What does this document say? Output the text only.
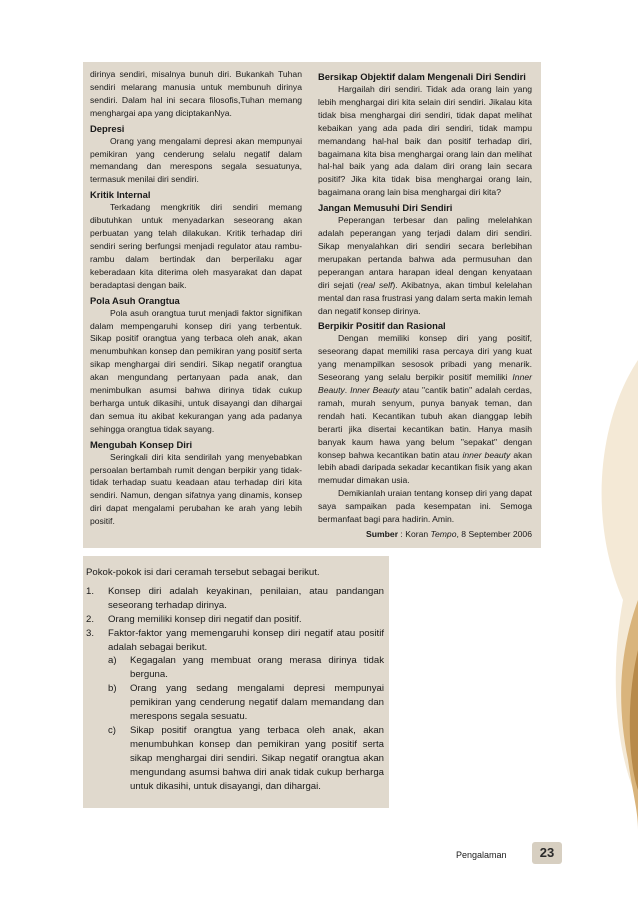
dirinya sendiri, misalnya bunuh diri. Bukankah Tuhan sendiri melarang manusia untuk membunuh dirinya sendiri. Dalam hal ini secara filosofis,Tuhan memang menghargai apa yang diciptakanNya.

Depresi

Orang yang mengalami depresi akan mempunyai pemikiran yang cenderung selalu negatif dalam memandang dan merespons segala sesuatunya, termasuk menilai diri sendiri.

Kritik Internal

Terkadang mengkritik diri sendiri memang dibutuhkan untuk menyadarkan seseorang akan perbuatan yang telah dilakukan. Kritik terhadap diri sendiri sering berfungsi menjadi regulator atau rambu-rambu dalam bertindak dan berperilaku agar keberadaan kita diterima oleh masyarakat dan dapat beradaptasi dengan baik.

Pola Asuh Orangtua

Pola asuh orangtua turut menjadi faktor signifikan dalam mempengaruhi konsep diri yang terbentuk. Sikap positif orangtua yang terbaca oleh anak, akan menumbuhkan konsep dan pemikiran yang positif serta sikap menghargai diri sendiri. Sikap negatif orangtua akan mengundang pertanyaan pada anak, dan menimbulkan asumsi bahwa dirinya tidak cukup berharga untuk dikasihi, untuk disayangi dan dihargai dan semua itu akibat kekurangan yang ada padanya sehingga orangtua tidak sayang.

Mengubah Konsep Diri

Seringkali diri kita sendirilah yang menyebabkan persoalan bertambah rumit dengan berpikir yang tidak-tidak terhadap suatu keadaan atau terhadap diri kita sendiri. Namun, dengan sifatnya yang dinamis, konsep diri dapat mengalami perubahan ke arah yang lebih positif.

Bersikap Objektif dalam Mengenali Diri Sendiri

Hargailah diri sendiri. Tidak ada orang lain yang lebih menghargai diri kita selain diri sendiri. Jikalau kita tidak bisa menghargai diri sendiri, tidak dapat melihat kebaikan yang ada pada diri sendiri, tidak mampu memandang hal-hal baik dan positif terhadap diri, bagaimana kita bisa menghargai orang lain dan melihat hal-hal baik yang ada dalam diri orang lain secara positif? Jika kita tidak bisa menghargai orang lain, bagaimana orang lain bisa menghargai diri kita?

Jangan Memusuhi Diri Sendiri

Peperangan terbesar dan paling melelahkan adalah peperangan yang terjadi dalam diri sendiri. Sikap menyalahkan diri sendiri secara berlebihan merupakan pertanda bahwa ada permusuhan dan peperangan antara harapan ideal dengan kenyataan diri sejati (real self). Akibatnya, akan timbul kelelahan mental dan rasa frustrasi yang dalam serta makin lemah dan negatif konsep dirinya.

Berpikir Positif dan Rasional

Dengan memiliki konsep diri yang positif, seseorang dapat memiliki rasa percaya diri yang kuat yang menampilkan sesosok pribadi yang menarik. Seseorang yang selalu berpikir positif memiliki Inner Beauty. Inner Beauty atau "cantik batin" adalah cerdas, ramah, murah senyum, punya banyak teman, dan rendah hati. Kecantikan tubuh akan dianggap lebih berarti jika disertai kecantikan batin. Hanya masih banyak kaum hawa yang belum "sepakat" dengan konsep bahwa kecantikan batin atau inner beauty akan lebih abadi daripada sekadar kecantikan fisik yang akan memudar dimakan usia.

Demikianlah uraian tentang konsep diri yang dapat saya sampaikan pada kesempatan ini. Semoga bermanfaat bagi para hadirin. Amin.

Sumber : Koran Tempo, 8 September 2006

Pokok-pokok isi dari ceramah tersebut sebagai berikut.

1. Konsep diri adalah keyakinan, penilaian, atau pandangan seseorang terhadap dirinya.
2. Orang memiliki konsep diri negatif dan positif.
3. Faktor-faktor yang memengaruhi konsep diri negatif atau positif adalah sebagai berikut.
a) Kegagalan yang membuat orang merasa dirinya tidak berguna.
b) Orang yang sedang mengalami depresi mempunyai pemikiran yang cenderung negatif dalam memandang dan merespons segala sesuatu.
c) Sikap positif orangtua yang terbaca oleh anak, akan menumbuhkan konsep dan pemikiran yang positif serta sikap menghargai diri sendiri. Sikap negatif orangtua akan mengundang asumsi bahwa diri anak tidak cukup berharga untuk dikasihi, untuk disayangi, dan dihargai.
Pengalaman	23
